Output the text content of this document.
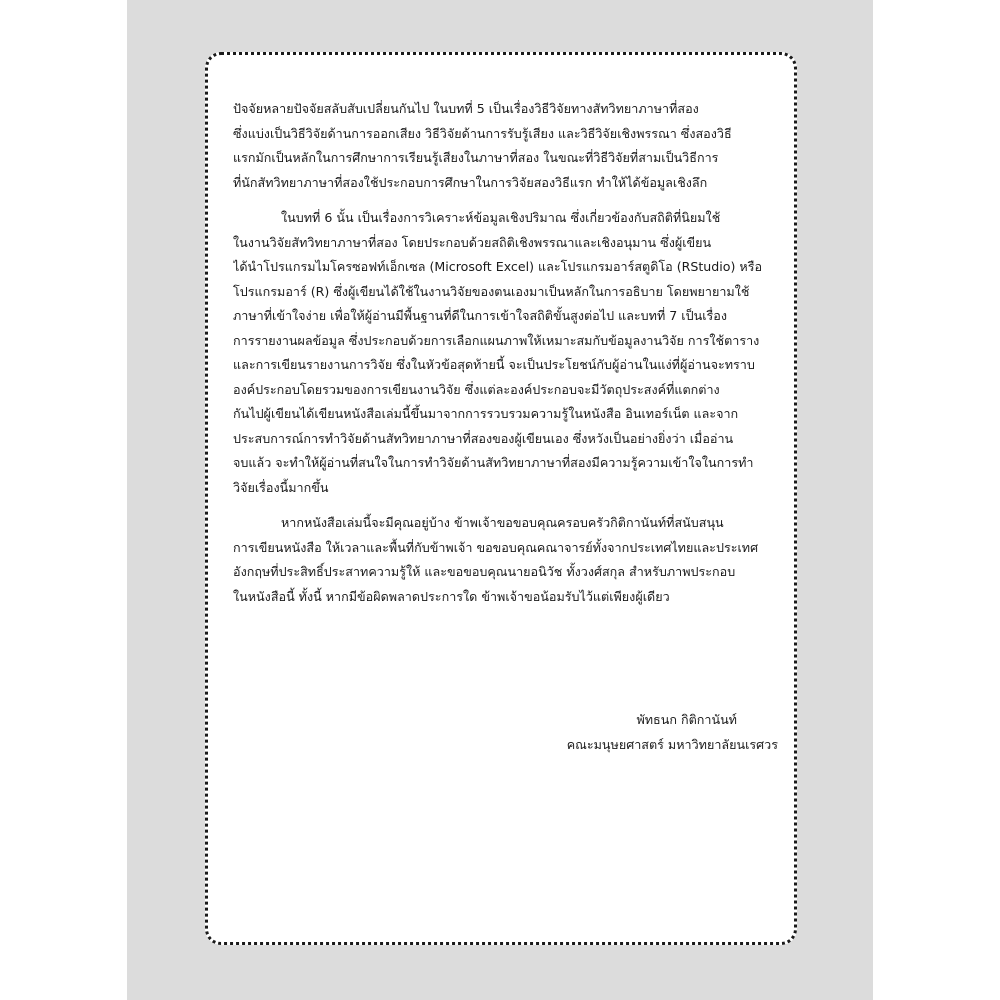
ปัจจัยหลายปัจจัยสลับสับเปลี่ยนกันไป ในบทที่ 5 เป็นเรื่องวิธีวิจัยทางสัทวิทยาภาษาที่สอง
ซึ่งแบ่งเป็นวิธีวิจัยด้านการออกเสียง วิธีวิจัยด้านการรับรู้เสียง และวิธีวิจัยเชิงพรรณา ซึ่งสองวิธี
แรกมักเป็นหลักในการศึกษาการเรียนรู้เสียงในภาษาที่สอง ในขณะที่วิธีวิจัยที่สามเป็นวิธีการ
ที่นักสัทวิทยาภาษาที่สองใช้ประกอบการศึกษาในการวิจัยสองวิธีแรก ทำให้ได้ข้อมูลเชิงลึก

ในบทที่ 6 นั้น เป็นเรื่องการวิเคราะห์ข้อมูลเชิงปริมาณ ซึ่งเกี่ยวข้องกับสถิติที่นิยมใช้
ในงานวิจัยสัทวิทยาภาษาที่สอง โดยประกอบด้วยสถิติเชิงพรรณาและเชิงอนุมาน ซึ่งผู้เขียน
ได้นำโปรแกรมไมโครซอฟท์เอ็กเซล (Microsoft Excel) และโปรแกรมอาร์สตูดิโอ (RStudio) หรือ
โปรแกรมอาร์ (R) ซึ่งผู้เขียนได้ใช้ในงานวิจัยของตนเองมาเป็นหลักในการอธิบาย โดยพยายามใช้
ภาษาที่เข้าใจง่าย เพื่อให้ผู้อ่านมีพื้นฐานที่ดีในการเข้าใจสถิติขั้นสูงต่อไป และบทที่ 7 เป็นเรื่อง
การรายงานผลข้อมูล ซึ่งประกอบด้วยการเลือกแผนภาพให้เหมาะสมกับข้อมูลงานวิจัย การใช้ตาราง
และการเขียนรายงานการวิจัย ซึ่งในหัวข้อสุดท้ายนี้ จะเป็นประโยชน์กับผู้อ่านในแง่ที่ผู้อ่านจะทราบ
องค์ประกอบโดยรวมของการเขียนงานวิจัย ซึ่งแต่ละองค์ประกอบจะมีวัตถุประสงค์ที่แตกต่าง
กันไปผู้เขียนได้เขียนหนังสือเล่มนี้ขึ้นมาจากการรวบรวมความรู้ในหนังสือ อินเทอร์เน็ต และจาก
ประสบการณ์การทำวิจัยด้านสัทวิทยาภาษาที่สองของผู้เขียนเอง ซึ่งหวังเป็นอย่างยิ่งว่า เมื่ออ่าน
จบแล้ว จะทำให้ผู้อ่านที่สนใจในการทำวิจัยด้านสัทวิทยาภาษาที่สองมีความรู้ความเข้าใจในการทำ
วิจัยเรื่องนี้มากขึ้น

หากหนังสือเล่มนี้จะมีคุณอยู่บ้าง ข้าพเจ้าขอขอบคุณครอบครัวกิติกานันท์ที่สนับสนุน
การเขียนหนังสือ ให้เวลาและพื้นที่กับข้าพเจ้า ขอขอบคุณคณาจารย์ทั้งจากประเทศไทยและประเทศ
อังกฤษที่ประสิทธิ์ประสาทความรู้ให้ และขอขอบคุณนายอนิวัช ทั้งวงศ์สกุล สำหรับภาพประกอบ
ในหนังสือนี้ ทั้งนี้ หากมีข้อผิดพลาดประการใด ข้าพเจ้าขอน้อมรับไว้แต่เพียงผู้เดียว

พัทธนก กิติกานันท์
คณะมนุษยศาสตร์ มหาวิทยาลัยนเรศวร
